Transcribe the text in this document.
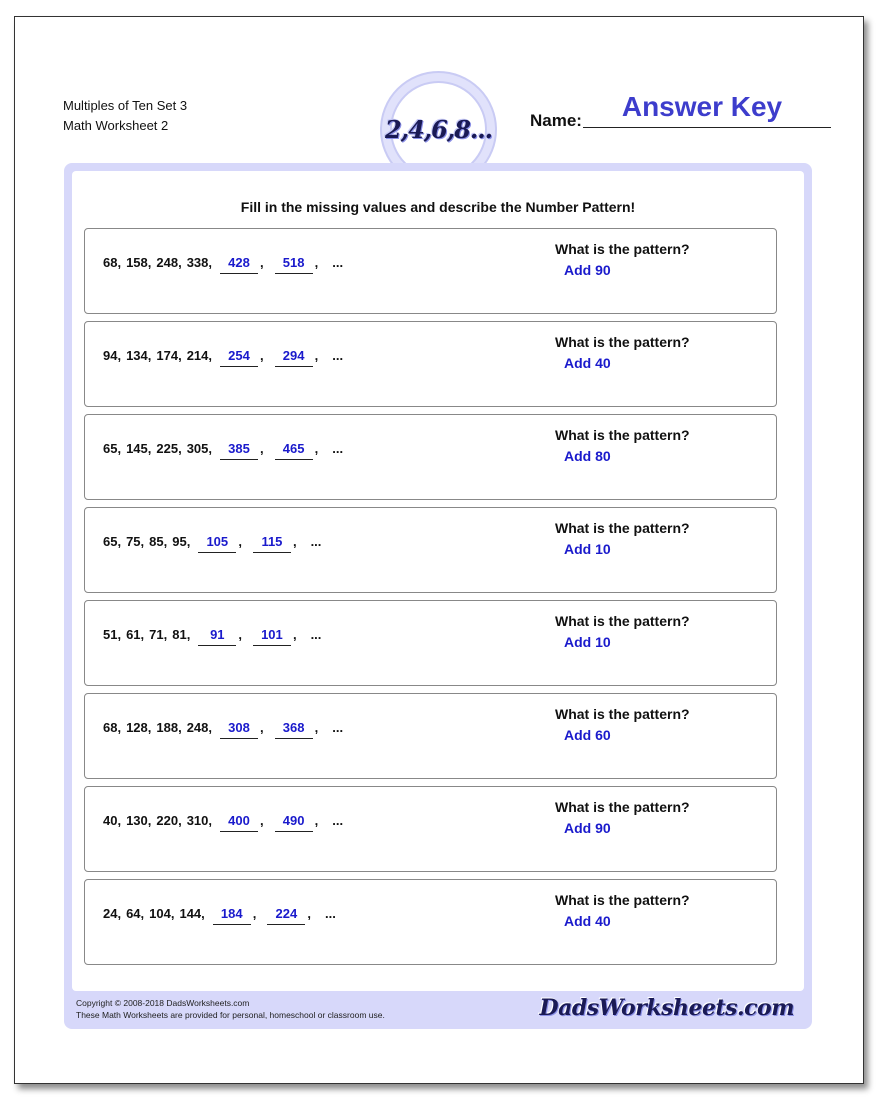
Multiples of Ten Set 3
Math Worksheet 2	2,4,6,8... Name:	Answer Key
Fill in the missing values and describe the Number Pattern!
68, 158, 248, 338,	428 ,	518 , ...
What is the pattern?
Add 90
94, 134, 174, 214,	254 ,	294 , ...
What is the pattern?
Add 40
65, 145, 225, 305,	385 ,	465 , ...
What is the pattern?
Add 80
65, 75, 85, 95,	105 ,	115 , ...
What is the pattern?
Add 10
51, 61, 71, 81,	91	,	101 , ...
What is the pattern?
Add 10
68, 128, 188, 248,	308 ,	368 , ...
What is the pattern?
Add 60
40, 130, 220, 310,	400 ,	490 , ...
What is the pattern?
Add 90
24, 64, 104, 144,	184 ,	224 , ...
What is the pattern?
Add 40
Copyright © 2008-2018 DadsWorksheets.com
These Math Worksheets are provided for personal, homeschool or classroom use.	DadsWorksheets.com
